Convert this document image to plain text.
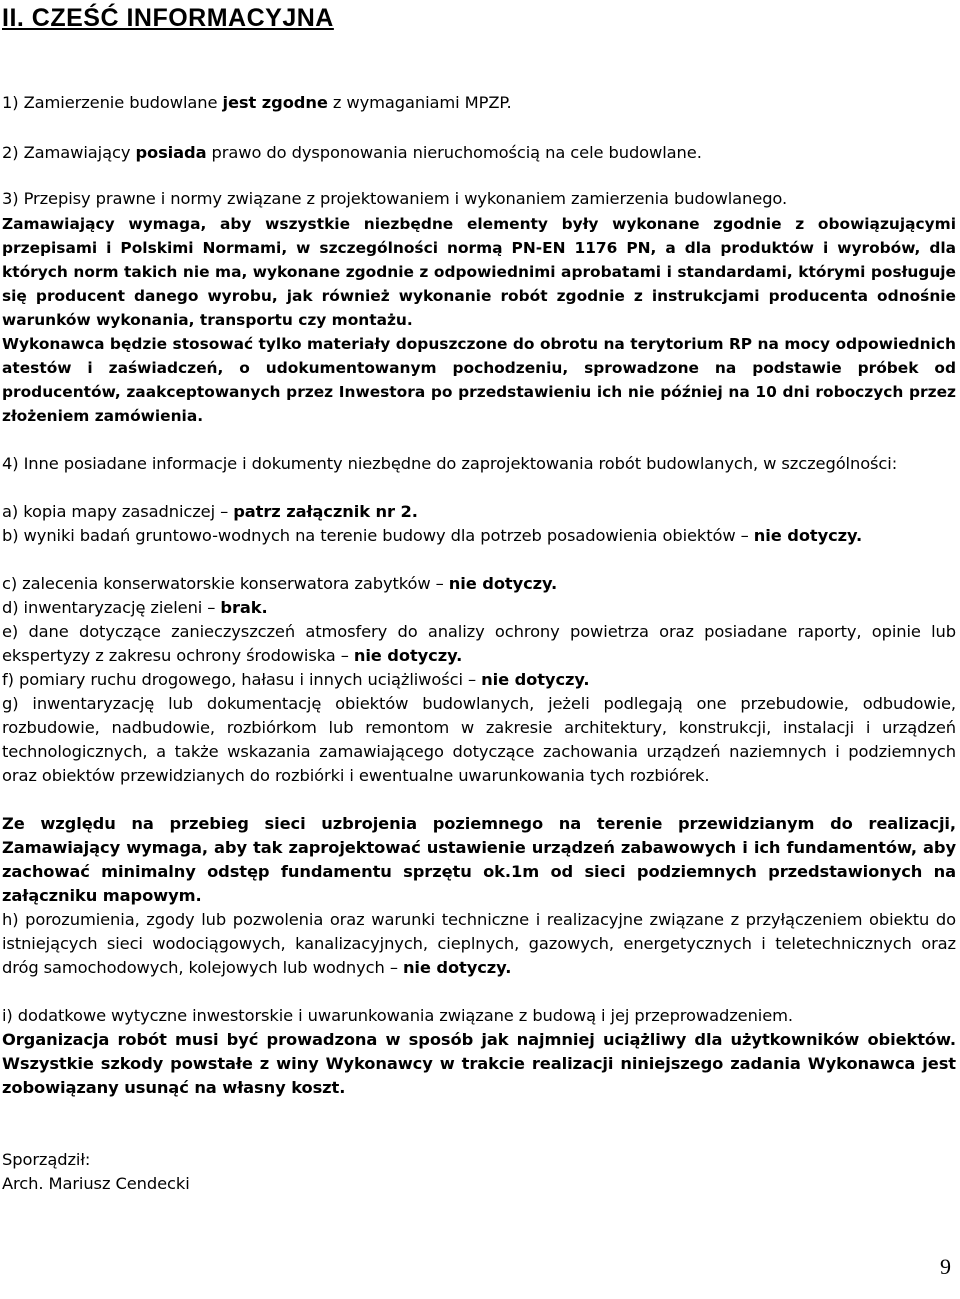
II. CZEŚĆ INFORMACYJNA

1) Zamierzenie budowlane jest zgodne z wymaganiami MPZP.

2) Zamawiający posiada prawo do dysponowania nieruchomością na cele budowlane.

3) Przepisy prawne i normy związane z projektowaniem i wykonaniem zamierzenia budowlanego.

Zamawiający wymaga, aby wszystkie niezbędne elementy były wykonane zgodnie z obowiązującymi przepisami i Polskimi Normami, w szczególności normą PN-EN 1176 PN, a dla produktów i wyrobów, dla których norm takich nie ma, wykonane zgodnie z odpowiednimi aprobatami i standardami, którymi posługuje się producent danego wyrobu, jak również wykonanie robót zgodnie z instrukcjami producenta odnośnie warunków wykonania, transportu czy montażu.

Wykonawca będzie stosować tylko materiały dopuszczone do obrotu na terytorium RP na mocy odpowiednich atestów i zaświadczeń, o udokumentowanym pochodzeniu, sprowadzone na podstawie próbek od producentów, zaakceptowanych przez Inwestora po przedstawieniu ich nie później na 10 dni roboczych przez złożeniem zamówienia.

4) Inne posiadane informacje i dokumenty niezbędne do zaprojektowania robót budowlanych, w szczególności:

a) kopia mapy zasadniczej – patrz załącznik nr 2.

b) wyniki badań gruntowo-wodnych na terenie budowy dla potrzeb posadowienia obiektów – nie dotyczy.

c) zalecenia konserwatorskie konserwatora zabytków – nie dotyczy.

d) inwentaryzację zieleni – brak.

e) dane dotyczące zanieczyszczeń atmosfery do analizy ochrony powietrza oraz posiadane raporty, opinie lub ekspertyzy z zakresu ochrony środowiska – nie dotyczy.

f) pomiary ruchu drogowego, hałasu i innych uciążliwości – nie dotyczy.

g) inwentaryzację lub dokumentację obiektów budowlanych, jeżeli podlegają one przebudowie, odbudowie, rozbudowie, nadbudowie, rozbiórkom lub remontom w zakresie architektury, konstrukcji, instalacji i urządzeń technologicznych, a także wskazania zamawiającego dotyczące zachowania urządzeń naziemnych i podziemnych oraz obiektów przewidzianych do rozbiórki i ewentualne uwarunkowania tych rozbiórek.

Ze względu na przebieg sieci uzbrojenia poziemnego na terenie przewidzianym do realizacji, Zamawiający wymaga, aby tak zaprojektować ustawienie urządzeń zabawowych i ich fundamentów, aby zachować minimalny odstęp fundamentu sprzętu ok.1m od sieci podziemnych przedstawionych na załączniku mapowym.

h) porozumienia, zgody lub pozwolenia oraz warunki techniczne i realizacyjne związane z przyłączeniem obiektu do istniejących sieci wodociągowych, kanalizacyjnych, cieplnych, gazowych, energetycznych i teletechnicznych oraz dróg samochodowych, kolejowych lub wodnych – nie dotyczy.

i) dodatkowe wytyczne inwestorskie i uwarunkowania związane z budową i jej przeprowadzeniem.

Organizacja robót musi być prowadzona w sposób jak najmniej uciążliwy dla użytkowników obiektów. Wszystkie szkody powstałe z winy Wykonawcy w trakcie realizacji niniejszego zadania Wykonawca jest zobowiązany usunąć na własny koszt.

Sporządził:

Arch. Mariusz Cendecki

9
